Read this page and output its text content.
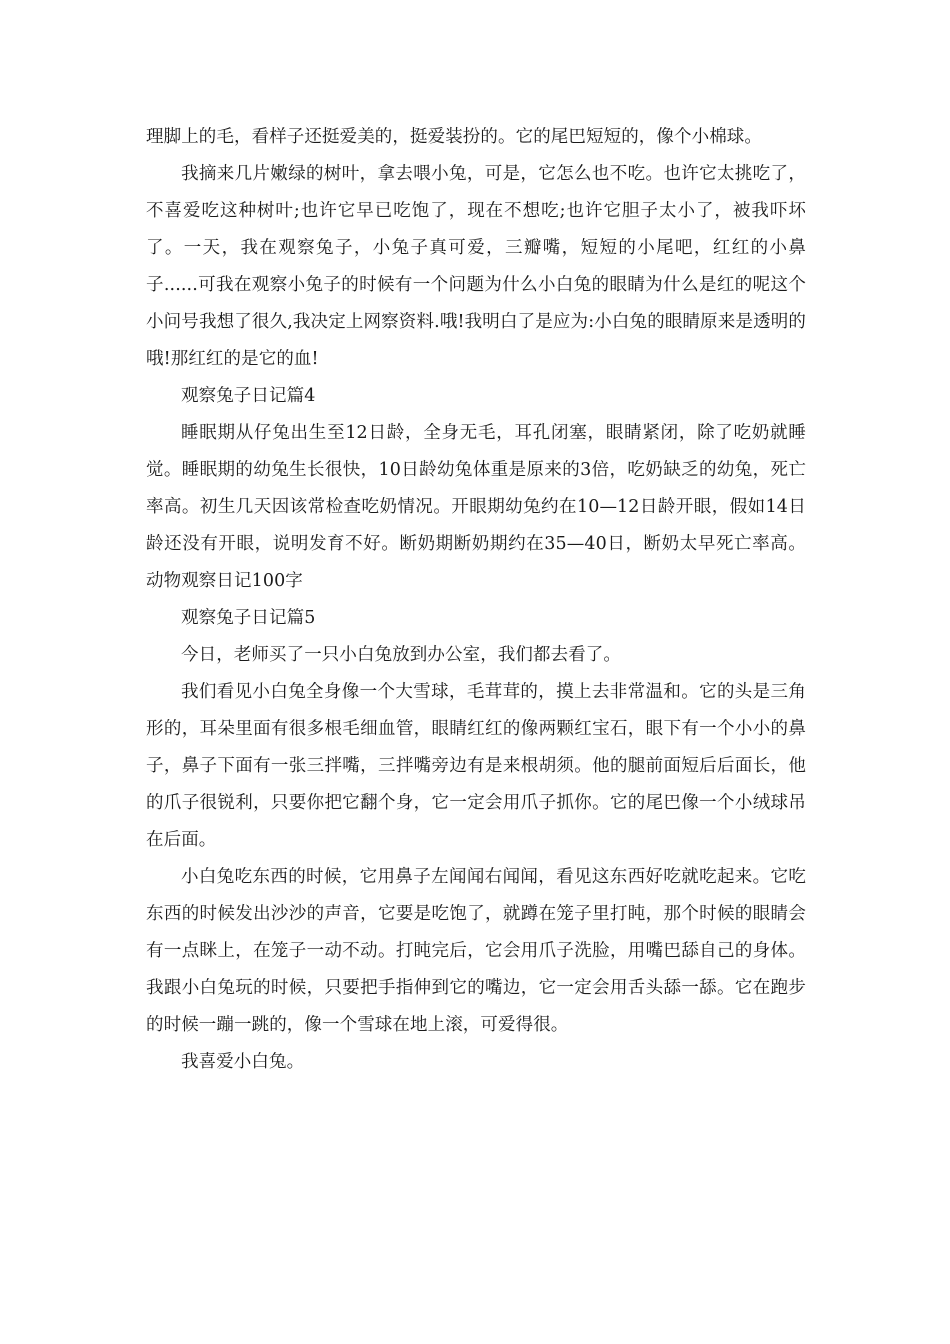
理脚上的毛，看样子还挺爱美的，挺爱装扮的。它的尾巴短短的，像个小棉球。

我摘来几片嫩绿的树叶，拿去喂小兔，可是，它怎么也不吃。也许它太挑吃了，不喜爱吃这种树叶;也许它早已吃饱了，现在不想吃;也许它胆子太小了，被我吓坏了。一天，我在观察兔子，小兔子真可爱，三瓣嘴，短短的小尾吧，红红的小鼻子......可我在观察小兔子的时候有一个问题为什么小白兔的眼睛为什么是红的呢这个小问号我想了很久,我决定上网察资料.哦!我明白了是应为:小白兔的眼睛原来是透明的哦!那红红的是它的血!

观察兔子日记篇4

睡眠期从仔兔出生至12日龄，全身无毛，耳孔闭塞，眼睛紧闭，除了吃奶就睡觉。睡眠期的幼兔生长很快，10日龄幼兔体重是原来的3倍，吃奶缺乏的幼兔，死亡率高。初生几天因该常检查吃奶情况。开眼期幼兔约在10—12日龄开眼，假如14日龄还没有开眼，说明发育不好。断奶期断奶期约在35—40日，断奶太早死亡率高。动物观察日记100字

观察兔子日记篇5

今日，老师买了一只小白兔放到办公室，我们都去看了。

我们看见小白兔全身像一个大雪球，毛茸茸的，摸上去非常温和。它的头是三角形的，耳朵里面有很多根毛细血管，眼睛红红的像两颗红宝石，眼下有一个小小的鼻子，鼻子下面有一张三拌嘴，三拌嘴旁边有是来根胡须。他的腿前面短后后面长，他的爪子很锐利，只要你把它翻个身，它一定会用爪子抓你。它的尾巴像一个小绒球吊在后面。

小白兔吃东西的时候，它用鼻子左闻闻右闻闻，看见这东西好吃就吃起来。它吃东西的时候发出沙沙的声音，它要是吃饱了，就蹲在笼子里打盹，那个时候的眼睛会有一点眯上，在笼子一动不动。打盹完后，它会用爪子洗脸，用嘴巴舔自己的身体。我跟小白兔玩的时候，只要把手指伸到它的嘴边，它一定会用舌头舔一舔。它在跑步的时候一蹦一跳的，像一个雪球在地上滚，可爱得很。

我喜爱小白兔。
